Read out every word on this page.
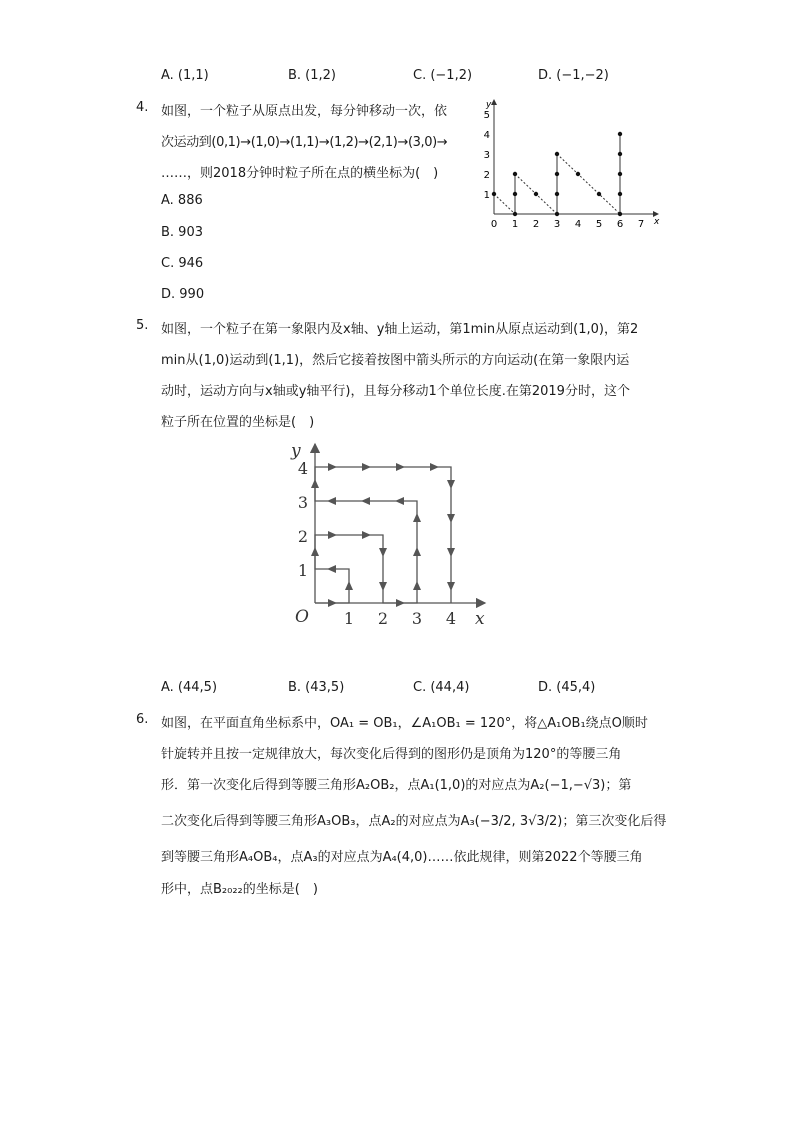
A. (1,1)	B. (1,2)	C. (−1,2)	D. (−1,−2)
4. 如图，一个粒子从原点出发，每分钟移动一次，依
次运动到(0,1)→(1,0)→(1,1)→(1,2)→(2,1)→(3,0)→
……，则2018分钟时粒子所在点的横坐标为(　)
A. 886
B. 903
C. 946
D. 990
x
y
0 1 2 3 4 5 6 7
1
2
3
4
5
5. 如图，一个粒子在第一象限内及x轴、y轴上运动，第1min从原点运动到(1,0)，第2
min从(1,0)运动到(1,1)，然后它接着按图中箭头所示的方向运动(在第一象限内运
动时，运动方向与x轴或y轴平行)，且每分移动1个单位长度.在第2019分时，这个
粒子所在位置的坐标是(　)
x
y
O 1 2 3 4
1
2
3
4
A. (44,5)	B. (43,5)	C. (44,4)	D. (45,4)
6. 如图，在平面直角坐标系中，OA₁ = OB₁，∠A₁OB₁ = 120°，将△A₁OB₁绕点O顺时
针旋转并且按一定规律放大，每次变化后得到的图形仍是顶角为120°的等腰三角
形．第一次变化后得到等腰三角形A₂OB₂，点A₁(1,0)的对应点为A₂(−1,−√3)；第
二次变化后得到等腰三角形A₃OB₃，点A₂的对应点为A₃(−3/2, 3√3/2)；第三次变化后得
到等腰三角形A₄OB₄，点A₃的对应点为A₄(4,0)……依此规律，则第2022个等腰三角
形中，点B₂₀₂₂的坐标是(　)
